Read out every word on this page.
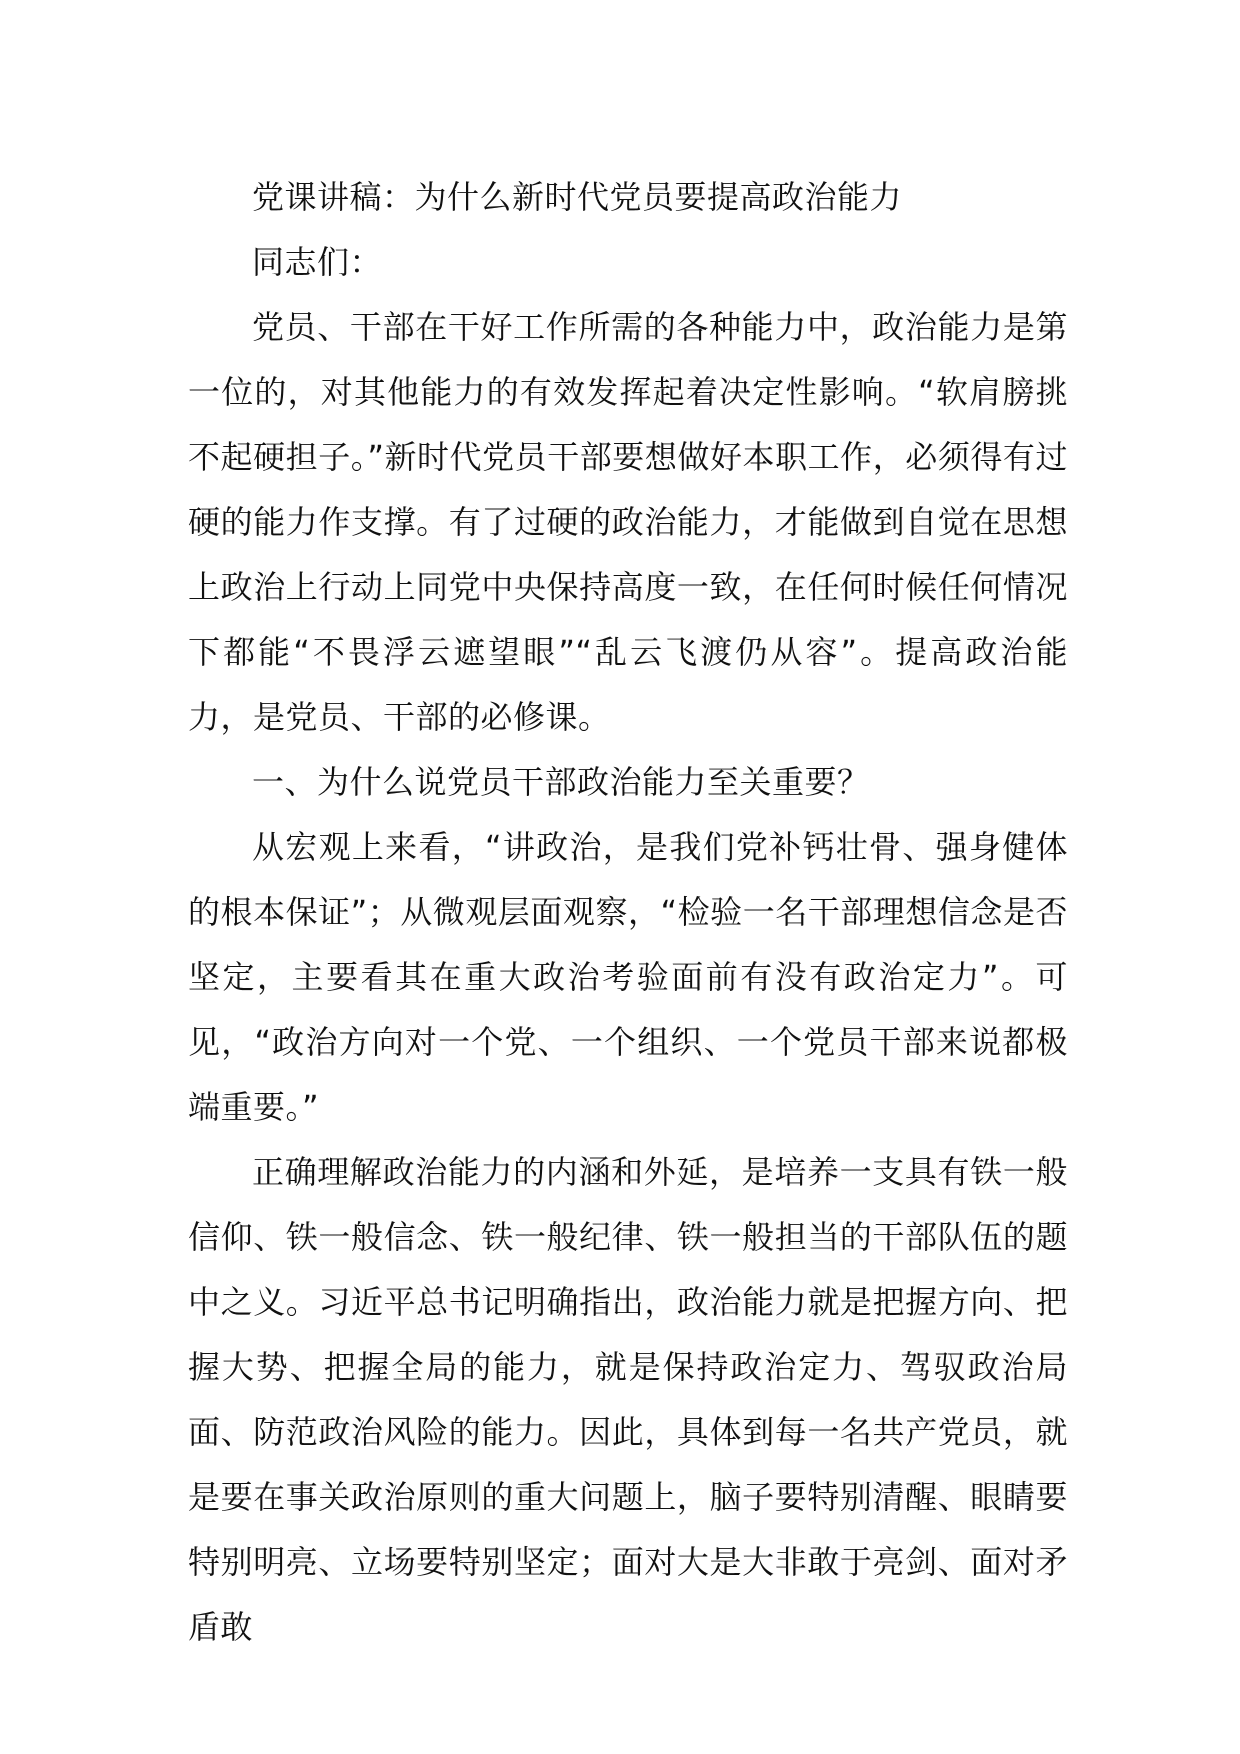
党课讲稿：为什么新时代党员要提高政治能力

同志们：

党员、干部在干好工作所需的各种能力中，政治能力是第一位的，对其他能力的有效发挥起着决定性影响。“软肩膀挑不起硬担子。”新时代党员干部要想做好本职工作，必须得有过硬的能力作支撑。有了过硬的政治能力，才能做到自觉在思想上政治上行动上同党中央保持高度一致，在任何时候任何情况下都能“不畏浮云遮望眼”“乱云飞渡仍从容”。提高政治能力，是党员、干部的必修课。

一、为什么说党员干部政治能力至关重要？

从宏观上来看，“讲政治，是我们党补钙壮骨、强身健体的根本保证”；从微观层面观察，“检验一名干部理想信念是否坚定，主要看其在重大政治考验面前有没有政治定力”。可见，“政治方向对一个党、一个组织、一个党员干部来说都极端重要。”

正确理解政治能力的内涵和外延，是培养一支具有铁一般信仰、铁一般信念、铁一般纪律、铁一般担当的干部队伍的题中之义。习近平总书记明确指出，政治能力就是把握方向、把握大势、把握全局的能力，就是保持政治定力、驾驭政治局面、防范政治风险的能力。因此，具体到每一名共产党员，就是要在事关政治原则的重大问题上，脑子要特别清醒、眼睛要特别明亮、立场要特别坚定；面对大是大非敢于亮剑、面对矛盾敢
